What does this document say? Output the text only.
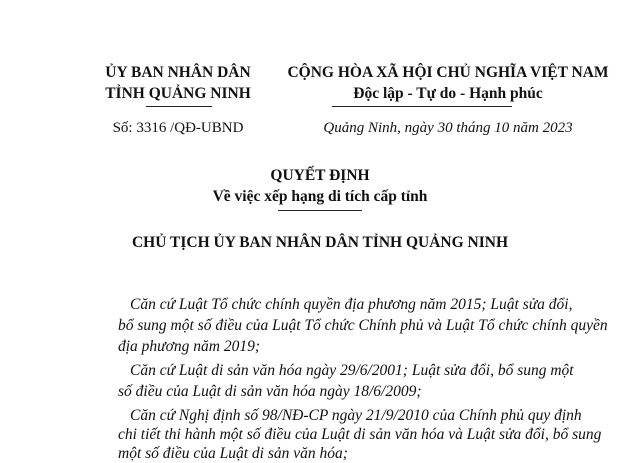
ỦY BAN NHÂN DÂN
TỈNH QUẢNG NINH
Số: 3316 /QĐ-UBND
CỘNG HÒA XÃ HỘI CHỦ NGHĨA VIỆT NAM
Độc lập - Tự do - Hạnh phúc
Quảng Ninh, ngày 30 tháng 10 năm 2023
QUYẾT ĐỊNH
Về việc xếp hạng di tích cấp tỉnh
CHỦ TỊCH ỦY BAN NHÂN DÂN TỈNH QUẢNG NINH
Căn cứ Luật Tổ chức chính quyền địa phương năm 2015; Luật sửa đổi,
bổ sung một số điều của Luật Tổ chức Chính phủ và Luật Tổ chức chính quyền
địa phương năm 2019;
Căn cứ Luật di sản văn hóa ngày 29/6/2001; Luật sửa đổi, bổ sung một
số điều của Luật di sản văn hóa ngày 18/6/2009;
Căn cứ Nghị định số 98/NĐ-CP ngày 21/9/2010 của Chính phủ quy định
chi tiết thi hành một số điều của Luật di sản văn hóa và Luật sửa đổi, bổ sung
một số điều của Luật di sản văn hóa;
